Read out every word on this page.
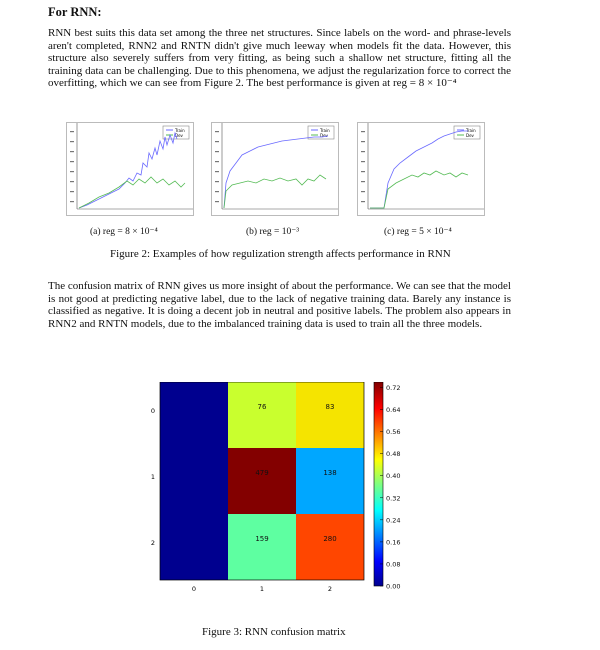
For RNN:

RNN best suits this data set among the three net structures. Since labels on the word- and phrase-levels aren't completed, RNN2 and RNTN didn't give much leeway when models fit the data. However, this structure also severely suffers from very fitting, as being such a shallow net structure, fitting all the training data can be challenging. Due to this phenomena, we adjust the regularization force to correct the overfitting, which we can see from Figure 2. The best performance is given at reg = 8 × 10⁻⁴

Train
Dev
Train
Dev
Train
Dev
(a) reg = 8 × 10⁻⁴	(b) reg = 10⁻³	(c) reg = 5 × 10⁻⁴
Figure 2: Examples of how regulization strength affects performance in RNN

The confusion matrix of RNN gives us more insight of about the performance. We can see that the model is not good at predicting negative label, due to the lack of negative training data. Barely any instance is classified as negative. It is doing a decent job in neutral and positive labels. The problem also appears in RNN2 and RNTN models, due to the imbalanced training data is used to train all the three models.

76	83
479	138
159	280
0
1
2
0	1	2
0.72
0.64
0.56
0.48
0.40
0.32
0.24
0.16
0.08
0.00
Figure 3: RNN confusion matrix
